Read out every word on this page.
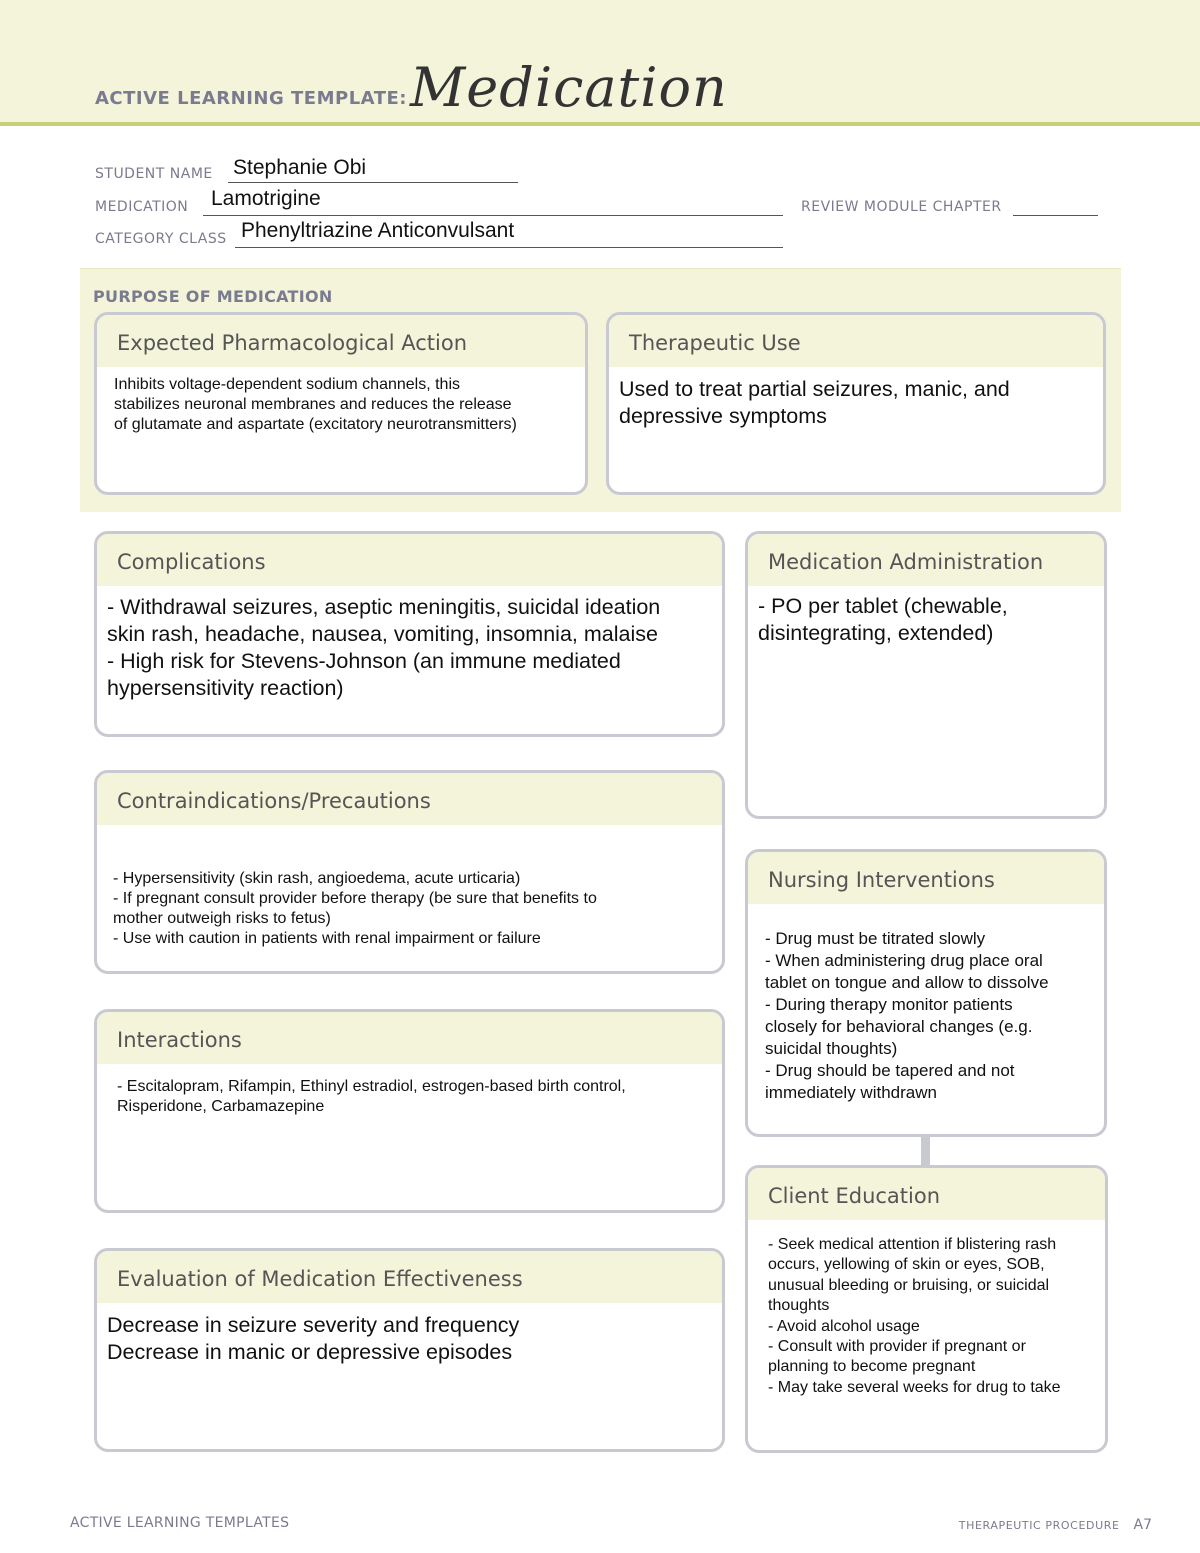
ACTIVE LEARNING TEMPLATE: Medication
STUDENT NAME Stephanie Obi
MEDICATION Lamotrigine	REVIEW MODULE CHAPTER
CATEGORY CLASS Phenyltriazine Anticonvulsant
PURPOSE OF MEDICATION
Expected Pharmacological Action
Inhibits voltage-dependent sodium channels, this
stabilizes neuronal membranes and reduces the release
of glutamate and aspartate (excitatory neurotransmitters)
Therapeutic Use
Used to treat partial seizures, manic, and
depressive symptoms
Complications
- Withdrawal seizures, aseptic meningitis, suicidal ideation
skin rash, headache, nausea, vomiting, insomnia, malaise
- High risk for Stevens-Johnson (an immune mediated
hypersensitivity reaction)
Contraindications/Precautions
- Hypersensitivity (skin rash, angioedema, acute urticaria)
- If pregnant consult provider before therapy (be sure that benefits to
mother outweigh risks to fetus)
- Use with caution in patients with renal impairment or failure
Interactions
- Escitalopram, Rifampin, Ethinyl estradiol, estrogen-based birth control,
Risperidone, Carbamazepine
Evaluation of Medication Effectiveness
Decrease in seizure severity and frequency
Decrease in manic or depressive episodes
Medication Administration
- PO per tablet (chewable,
disintegrating, extended)
Nursing Interventions
- Drug must be titrated slowly
- When administering drug place oral
tablet on tongue and allow to dissolve
- During therapy monitor patients
closely for behavioral changes (e.g.
suicidal thoughts)
- Drug should be tapered and not
immediately withdrawn
Client Education
- Seek medical attention if blistering rash
occurs, yellowing of skin or eyes, SOB,
unusual bleeding or bruising, or suicidal
thoughts
- Avoid alcohol usage
- Consult with provider if pregnant or
planning to become pregnant
- May take several weeks for drug to take
ACTIVE LEARNING TEMPLATES	THERAPEUTIC PROCEDURE A7
